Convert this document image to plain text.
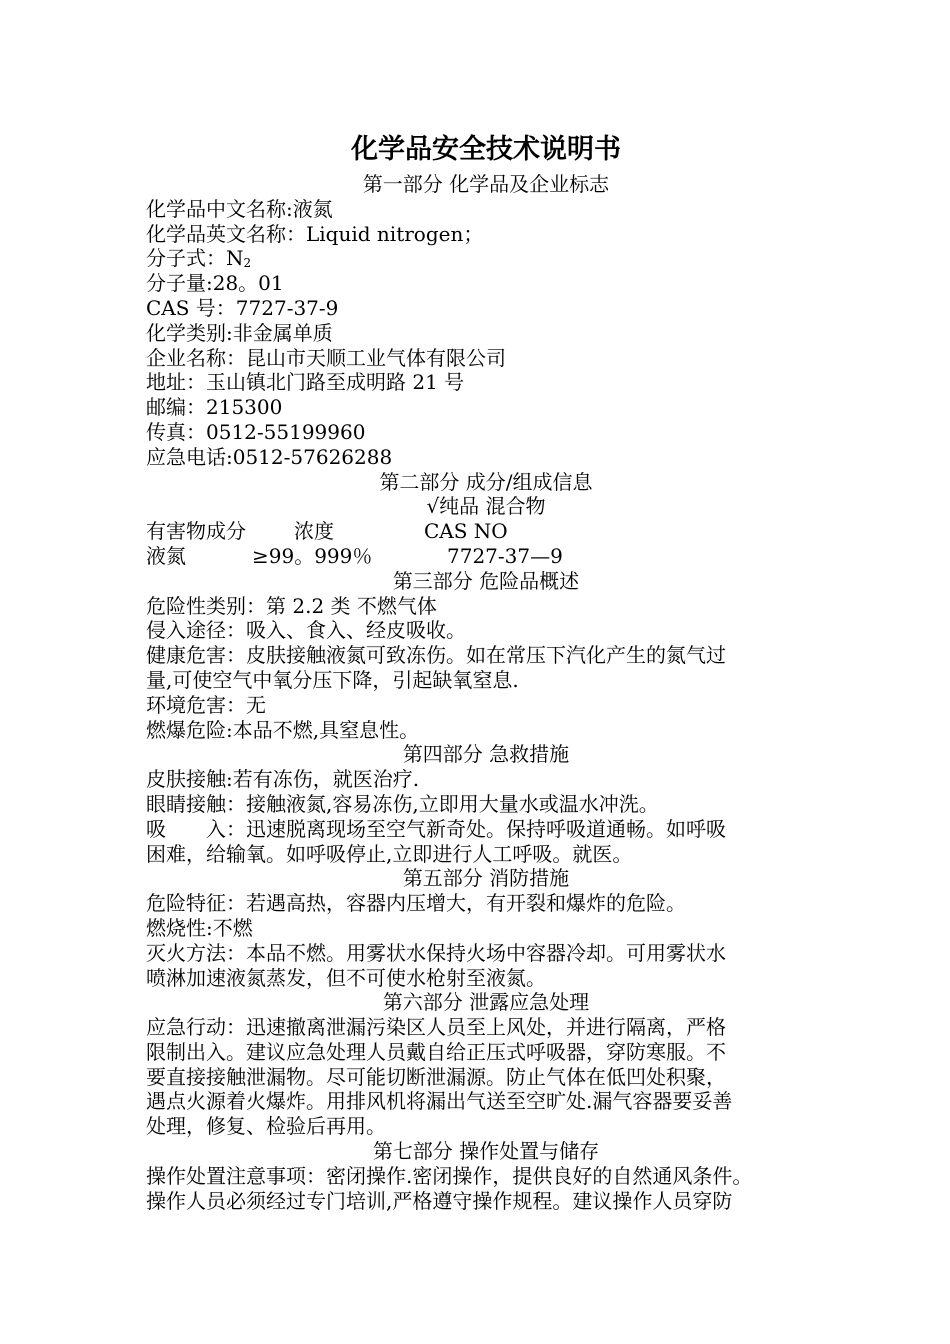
化学品安全技术说明书
第一部分 化学品及企业标志
化学品中文名称:液氮
化学品英文名称：Liquid nitrogen；
分子式：N2
分子量:28。01
CAS 号：7727-37-9
化学类别:非金属单质
企业名称：昆山市天顺工业气体有限公司
地址：玉山镇北门路至成明路 21 号
邮编：215300
传真：0512-55199960
应急电话:0512-57626288
第二部分 成分/组成信息
√纯品 混合物
有害物成分 浓度	CAS NO
液氮	≥99。999％	7727-37—9
第三部分 危险品概述
危险性类别：第 2.2 类 不燃气体
侵入途径：吸入、食入、经皮吸收。
健康危害：皮肤接触液氮可致冻伤。如在常压下汽化产生的氮气过
量,可使空气中氧分压下降，引起缺氧窒息.
环境危害：无
燃爆危险:本品不燃,具窒息性。
第四部分 急救措施
皮肤接触:若有冻伤，就医治疗.
眼睛接触：接触液氮,容易冻伤,立即用大量水或温水冲洗。
吸　　入：迅速脱离现场至空气新奇处。保持呼吸道通畅。如呼吸
困难，给输氧。如呼吸停止,立即进行人工呼吸。就医。
第五部分 消防措施
危险特征：若遇高热，容器内压增大，有开裂和爆炸的危险。
燃烧性:不燃
灭火方法：本品不燃。用雾状水保持火场中容器冷却。可用雾状水
喷淋加速液氮蒸发，但不可使水枪射至液氮。
第六部分 泄露应急处理
应急行动：迅速撤离泄漏污染区人员至上风处，并进行隔离，严格
限制出入。建议应急处理人员戴自给正压式呼吸器，穿防寒服。不
要直接接触泄漏物。尽可能切断泄漏源。防止气体在低凹处积聚，
遇点火源着火爆炸。用排风机将漏出气送至空旷处.漏气容器要妥善
处理，修复、检验后再用。
第七部分 操作处置与储存
操作处置注意事项：密闭操作.密闭操作，提供良好的自然通风条件。
操作人员必须经过专门培训,严格遵守操作规程。建议操作人员穿防
